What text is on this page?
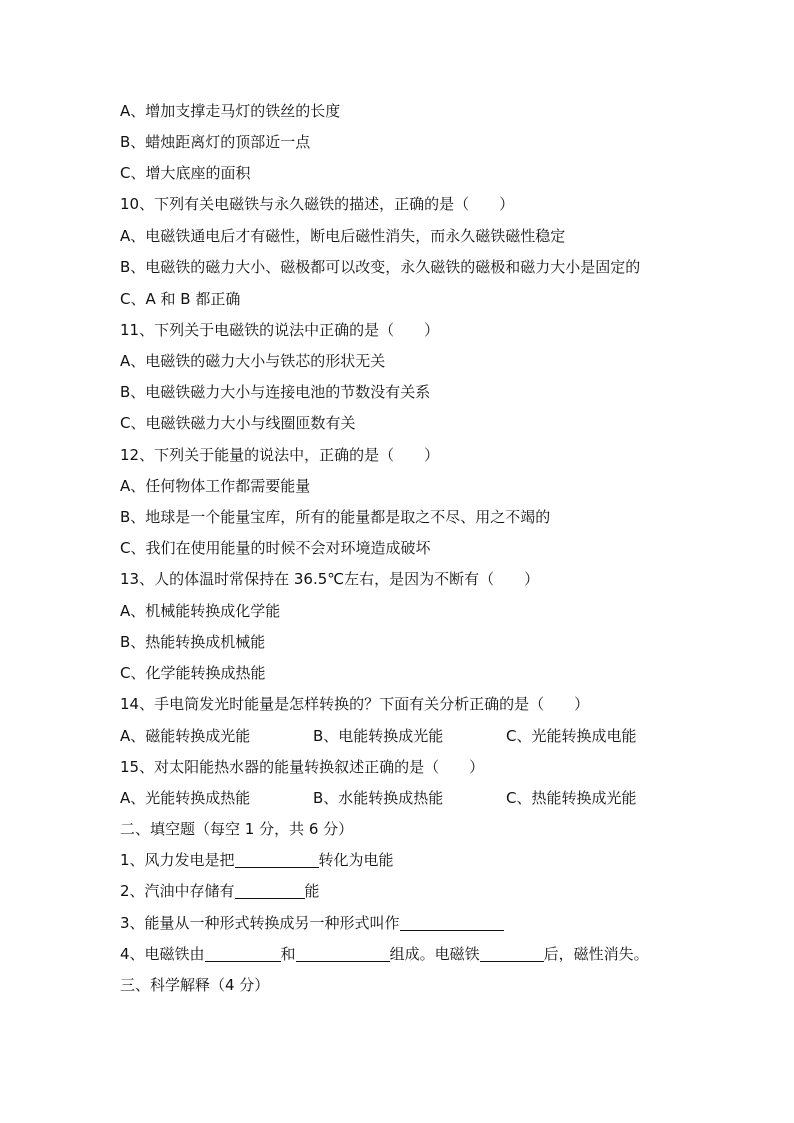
A、增加支撑走马灯的铁丝的长度
B、蜡烛距离灯的顶部近一点
C、增大底座的面积
10、下列有关电磁铁与永久磁铁的描述，正确的是（　　）
A、电磁铁通电后才有磁性，断电后磁性消失，而永久磁铁磁性稳定
B、电磁铁的磁力大小、磁极都可以改变，永久磁铁的磁极和磁力大小是固定的
C、A 和 B 都正确
11、下列关于电磁铁的说法中正确的是（　　）
A、电磁铁的磁力大小与铁芯的形状无关
B、电磁铁磁力大小与连接电池的节数没有关系
C、电磁铁磁力大小与线圈匝数有关
12、下列关于能量的说法中，正确的是（　　）
A、任何物体工作都需要能量
B、地球是一个能量宝库，所有的能量都是取之不尽、用之不竭的
C、我们在使用能量的时候不会对环境造成破坏
13、人的体温时常保持在 36.5℃左右，是因为不断有（　　）
A、机械能转换成化学能
B、热能转换成机械能
C、化学能转换成热能
14、手电筒发光时能量是怎样转换的？下面有关分析正确的是（　　）
A、磁能转换成光能	B、电能转换成光能	C、光能转换成电能
15、对太阳能热水器的能量转换叙述正确的是（　　）
A、光能转换成热能	B、水能转换成热能	C、热能转换成光能
二、填空题（每空 1 分，共 6 分）
1、风力发电是把	转化为电能
2、汽油中存储有	能
3、能量从一种形式转换成另一种形式叫作
4、电磁铁由	和	组成。电磁铁	后，磁性消失。
三、科学解释（4 分）
